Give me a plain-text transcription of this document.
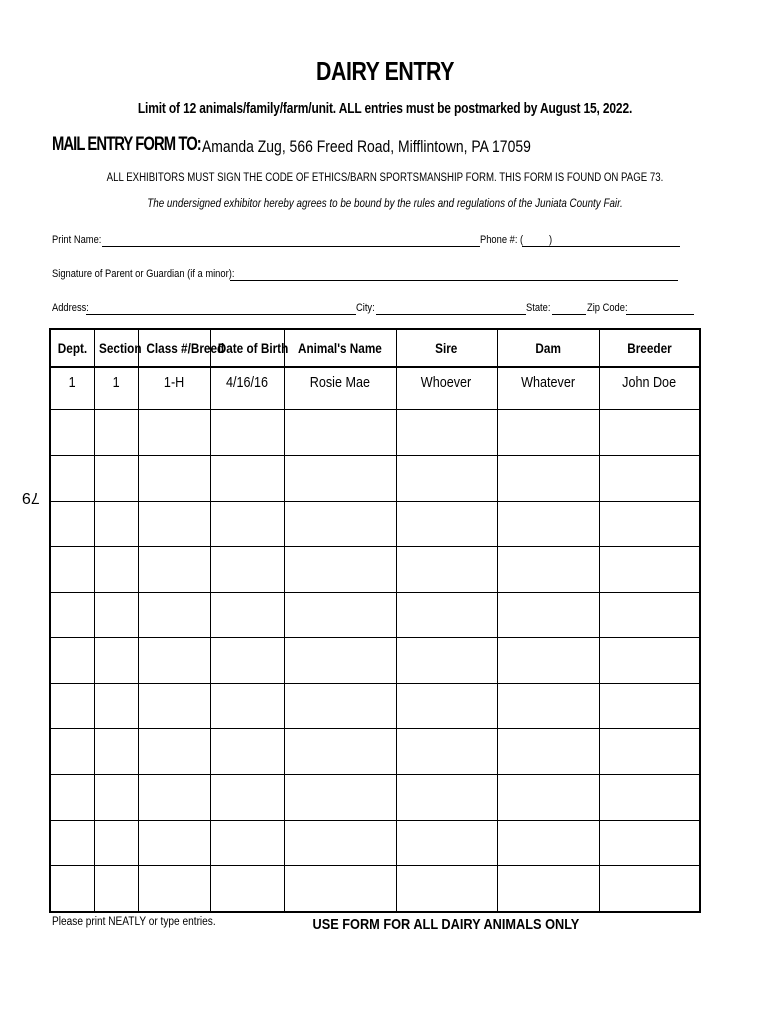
DAIRY ENTRY
Limit of 12 animals/family/farm/unit. ALL entries must be postmarked by August 15, 2022.
MAIL ENTRY FORM TO: Amanda Zug, 566 Freed Road, Mifflintown, PA 17059
ALL EXHIBITORS MUST SIGN THE CODE OF ETHICS/BARN SPORTSMANSHIP FORM. THIS FORM IS FOUND ON PAGE 73.
The undersigned exhibitor hereby agrees to be bound by the rules and regulations of the Juniata County Fair.
Print Name:	Phone #: ( )
Signature of Parent or Guardian (if a minor):
Address:	City:	State:	Zip Code:
Dept.	Section	Class #/Breed	Date of Birth	Animal's Name	Sire	Dam	Breeder
1	1	1-H	4/16/16	Rosie Mae	Whoever	Whatever	John Doe

79
Please print NEATLY or type entries.	USE FORM FOR ALL DAIRY ANIMALS ONLY
